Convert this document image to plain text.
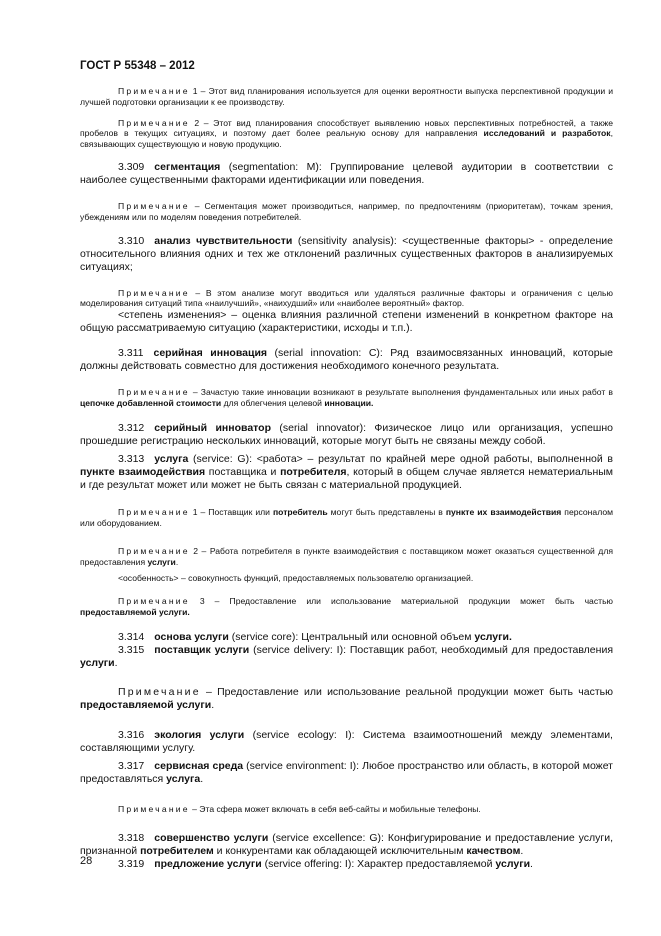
ГОСТ Р 55348 – 2012

Примечание 1 – Этот вид планирования используется для оценки вероятности выпуска перспективной продукции и лучшей подготовки организации к ее производству.

Примечание 2 – Этот вид планирования способствует выявлению новых перспективных потребностей, а также пробелов в текущих ситуациях, и поэтому дает более реальную основу для направления исследований и разработок, связывающих существующую и новую продукцию.

3.309 сегментация (segmentation: M): Группирование целевой аудитории в соответствии с наиболее существенными факторами идентификации или поведения.

Примечание – Сегментация может производиться, например, по предпочтениям (приоритетам), точкам зрения, убеждениям или по моделям поведения потребителей.

3.310 анализ чувствительности (sensitivity analysis): <существенные факторы> - определение относительного влияния одних и тех же отклонений различных существенных факторов в анализируемых ситуациях;

Примечание – В этом анализе могут вводиться или удаляться различные факторы и ограничения с целью моделирования ситуаций типа «наилучший», «наихудший» или «наиболее вероятный» фактор.

<степень изменения> – оценка влияния различной степени изменений в конкретном факторе на общую рассматриваемую ситуацию (характеристики, исходы и т.п.).

3.311 серийная инновация (serial innovation: C): Ряд взаимосвязанных инноваций, которые должны действовать совместно для достижения необходимого конечного результата.

Примечание – Зачастую такие инновации возникают в результате выполнения фундаментальных или иных работ в цепочке добавленной стоимости для облегчения целевой инновации.

3.312 серийный инноватор (serial innovator): Физическое лицо или организация, успешно прошедшие регистрацию нескольких инноваций, которые могут быть не связаны между собой.

3.313 услуга (service: G): <работа> – результат по крайней мере одной работы, выполненной в пункте взаимодействия поставщика и потребителя, который в общем случае является нематериальным и где результат может или может не быть связан с материальной продукцией.

Примечание 1 – Поставщик или потребитель могут быть представлены в пункте их взаимодействия персоналом или оборудованием.

Примечание 2 – Работа потребителя в пункте взаимодействия с поставщиком может оказаться существенной для предоставления услуги.

<особенность> – совокупность функций, предоставляемых пользователю организацией.

Примечание 3 – Предоставление или использование материальной продукции может быть частью предоставляемой услуги.

3.314 основа услуги (service core): Центральный или основной объем услуги.

3.315 поставщик услуги (service delivery: I): Поставщик работ, необходимый для предоставления услуги.

Примечание – Предоставление или использование реальной продукции может быть частью предоставляемой услуги.

3.316 экология услуги (service ecology: I): Система взаимоотношений между элементами, составляющими услугу.

3.317 сервисная среда (service environment: I): Любое пространство или область, в которой может предоставляться услуга.

Примечание – Эта сфера может включать в себя веб-сайты и мобильные телефоны.

3.318 совершенство услуги (service excellence: G): Конфигурирование и предоставление услуги, признанной потребителем и конкурентами как обладающей исключительным качеством.

3.319 предложение услуги (service offering: I): Характер предоставляемой услуги.

28
